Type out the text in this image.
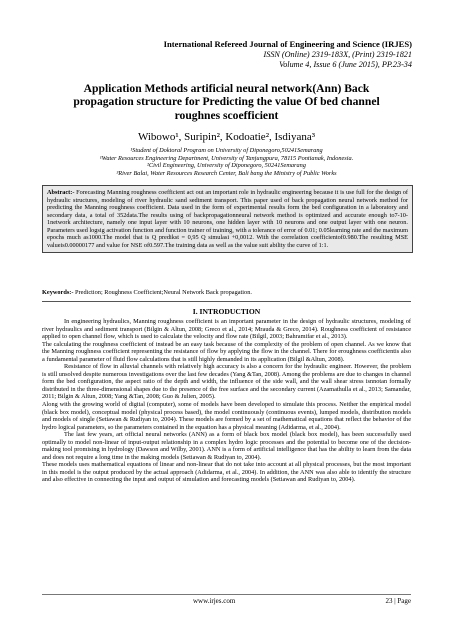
International Refereed Journal of Engineering and Science (IRJES)
ISSN (Online) 2319-183X, (Print) 2319-1821
Volume 4, Issue 6 (June 2015), PP.23-34
Application Methods artificial neural network(Ann) Back propagation structure for Predicting the value Of bed channel roughnes scoefficient
Wibowo¹, Suripin², Kodoatie², Isdiyana³
¹Student of Doktoral Program on University of Diponegoro,50241Semarang
¹Water Resources Engineering Department, University of Tanjungpura, 78115 Pontianak, Indonesia.
²Civil Engineering, University of Diponegoro, 50241Semarang
³River Balai, Water Resources Research Center, Bali bang the Ministry of Public Works
Abstract:- Forecasting Manning roughness coefficient act out an important role in hydraulic engineering because it is use full for the design of hydraulic structures, modeling of river hydraulic sand sediment transport. This paper used of back propagation neural network method for predicting the Manning roughness coefficient. Data used in the form of experimental results form the bed configuration in a laboratory and secondary data, a total of 352data.The results using of backpropagationneural network method is optimized and accurate enough to7-10-1network architecture, namely one input layer with 10 neurons, one hidden layer with 10 neurons and one output layer with one neuron. Parameters used logsig activation function and function trainer of training, with a tolerance of error of 0.01; 0.05learning rate and the maximum epochs much as1000.The model that is Q predikst = 0,95 Q simulasi +0,0012. With the correlation coefficientof0.980.The resulting MSE valueis0.00000177 and value for NSE of0.597.The training data as well as the value suit ability the curve of 1:1.
Keywords:- Prediction; Roughness Coefficient;Neural Network Back propagation.
I. INTRODUCTION

In engineering hydraulics, Manning roughness coefficient is an important parameter in the design of hydraulic structures, modeling of river hydraulics and sediment transport (Bilgin & Altun, 2008; Greco et al., 2014; Mrauda & Greco, 2014). Roughness coefficient of resistance applied to open channel flow, which is used to calculate the velocity and flow rate (Bilgil, 2003; Bahramifar et al., 2013).

The calculating the roughness coefficient of instead be an easy task because of the complexity of the problem of open channel. As we know that the Manning roughness coefficient representing the resistance of flow by applying the flow in the channel. There for eroughness coefficientis also a fundamental parameter of fluid flow calculations that is still highly demanded in its application (Bilgil &Altun, 2008).

Resistance of flow in alluvial channels with relatively high accuracy is also a concern for the hydraulic engineer. However, the problem is still unsolved despite numerous investigations over the last few decades (Yang &Tan, 2008). Among the problems are due to changes in channel form the bed configuration, the aspect ratio of the depth and width, the influence of the side wall, and the wall shear stress isnnotan formally distributed in the three-dimensional shapes due to the presence of the free surface and the secondary current (Azamathulla et al., 2013; Samandar, 2011; Bilgin & Altun, 2008; Yang &Tan, 2008; Guo & Julien, 2005).

Along with the growing world of digital (computer), some of models have been developed to simulate this process. Neither the empirical model (black box model), conceptual model (physical process based), the model continuously (continuous events), lumped models, distribution models and models of single (Setiawan & Rudiyan to, 2004). These models are formed by a set of mathematical equations that reflect the behavior of the hydro logical parameters, so the parameters contained in the equation has a physical meaning (Adidarma, et al., 2004).

The last few years, art official neural networks (ANN) as a form of black box model (black box model), has been successfully used optimally to model non-linear of input-output relationship in a complex hydro logic processes and the potential to become one of the decision-making tool promising in hydrology (Dawson and Wilby, 2001). ANN is a form of artificial intelligence that has the ability to learn from the data and does not require a long time in the making models (Setiawan & Rudiyan to, 2004).

These models uses mathematical equations of linear and non-linear that do not take into account at all physical processes, but the most important in this model is the output produced by the actual approach (Adidarma, et al., 2004). In addition, the ANN was also able to identify the structure and also effective in connecting the input and output of simulation and forecasting models (Setiawan and Rudiyan to, 2004).

www.irjes.com	23 | Page
